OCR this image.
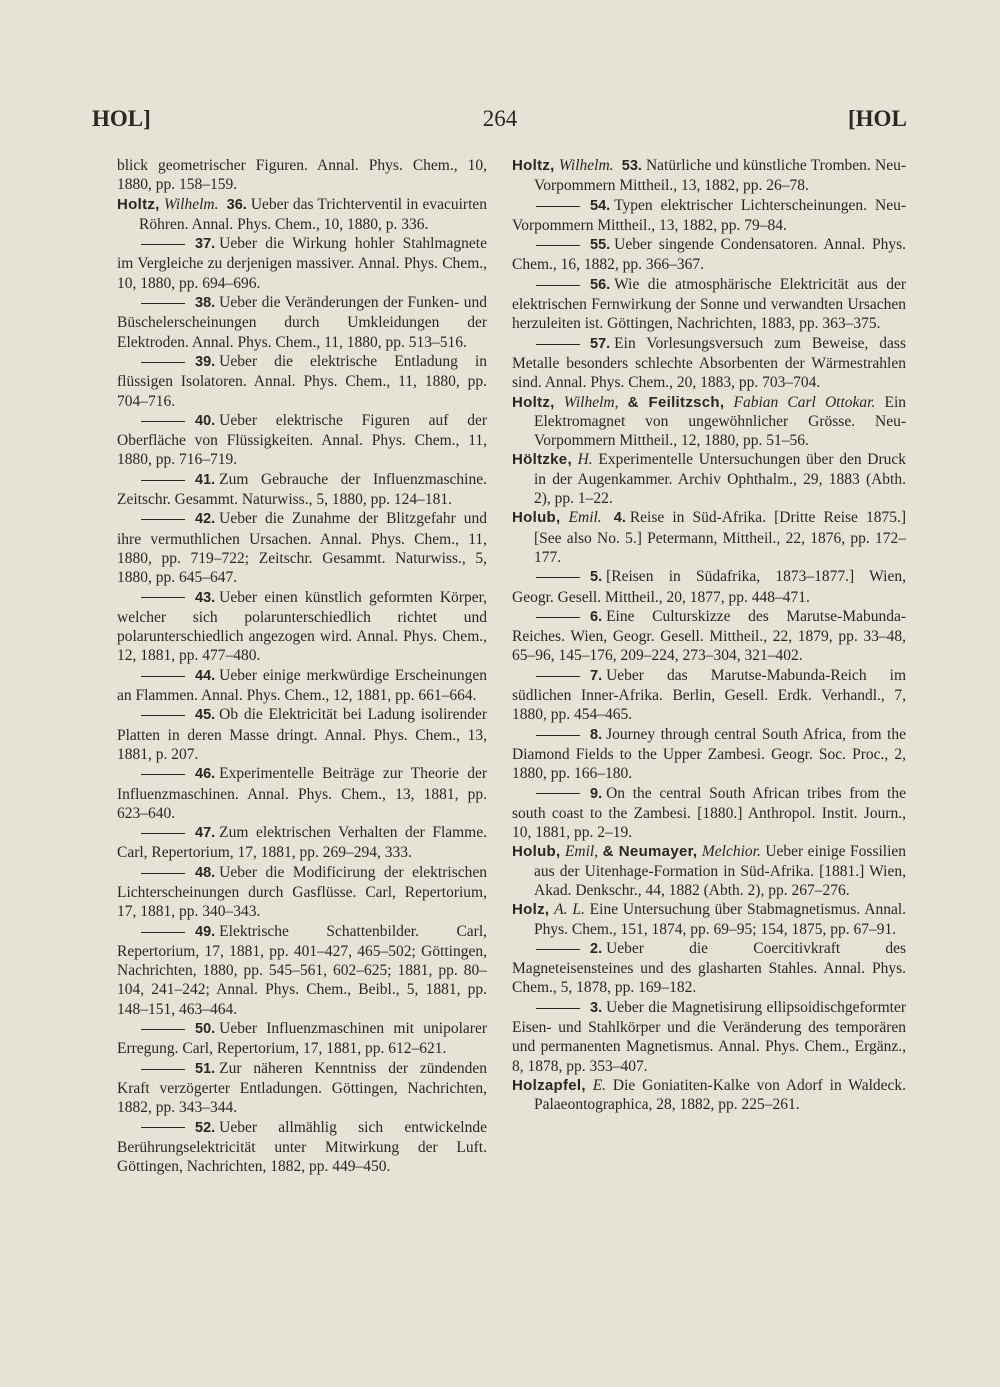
HOL]	264	[HOL

blick geometrischer Figuren. Annal. Phys. Chem., 10, 1880, pp. 158–159.

Holtz, Wilhelm. 36. Ueber das Trichterventil in evacuirten Röhren. Annal. Phys. Chem., 10, 1880, p. 336.

37. Ueber die Wirkung hohler Stahlmagnete im Vergleiche zu derjenigen massiver. Annal. Phys. Chem., 10, 1880, pp. 694–696.

38. Ueber die Veränderungen der Funken- und Büschelerscheinungen durch Umkleidungen der Elektroden. Annal. Phys. Chem., 11, 1880, pp. 513–516.

39. Ueber die elektrische Entladung in flüssigen Isolatoren. Annal. Phys. Chem., 11, 1880, pp. 704–716.

40. Ueber elektrische Figuren auf der Oberfläche von Flüssigkeiten. Annal. Phys. Chem., 11, 1880, pp. 716–719.

41. Zum Gebrauche der Influenzmaschine. Zeitschr. Gesammt. Naturwiss., 5, 1880, pp. 124–181.

42. Ueber die Zunahme der Blitzgefahr und ihre vermuthlichen Ursachen. Annal. Phys. Chem., 11, 1880, pp. 719–722; Zeitschr. Gesammt. Naturwiss., 5, 1880, pp. 645–647.

43. Ueber einen künstlich geformten Körper, welcher sich polarunterschiedlich richtet und polarunterschiedlich angezogen wird. Annal. Phys. Chem., 12, 1881, pp. 477–480.

44. Ueber einige merkwürdige Erscheinungen an Flammen. Annal. Phys. Chem., 12, 1881, pp. 661–664.

45. Ob die Elektricität bei Ladung isolirender Platten in deren Masse dringt. Annal. Phys. Chem., 13, 1881, p. 207.

46. Experimentelle Beiträge zur Theorie der Influenzmaschinen. Annal. Phys. Chem., 13, 1881, pp. 623–640.

47. Zum elektrischen Verhalten der Flamme. Carl, Repertorium, 17, 1881, pp. 269–294, 333.

48. Ueber die Modificirung der elektrischen Lichterscheinungen durch Gasflüsse. Carl, Repertorium, 17, 1881, pp. 340–343.

49. Elektrische Schattenbilder. Carl, Repertorium, 17, 1881, pp. 401–427, 465–502; Göttingen, Nachrichten, 1880, pp. 545–561, 602–625; 1881, pp. 80–104, 241–242; Annal. Phys. Chem., Beibl., 5, 1881, pp. 148–151, 463–464.

50. Ueber Influenzmaschinen mit unipolarer Erregung. Carl, Repertorium, 17, 1881, pp. 612–621.

51. Zur näheren Kenntniss der zündenden Kraft verzögerter Entladungen. Göttingen, Nachrichten, 1882, pp. 343–344.

52. Ueber allmählig sich entwickelnde Berührungselektricität unter Mitwirkung der Luft. Göttingen, Nachrichten, 1882, pp. 449–450.

Holtz, Wilhelm. 53. Natürliche und künstliche Tromben. Neu-Vorpommern Mittheil., 13, 1882, pp. 26–78.

54. Typen elektrischer Lichterscheinungen. Neu-Vorpommern Mittheil., 13, 1882, pp. 79–84.

55. Ueber singende Condensatoren. Annal. Phys. Chem., 16, 1882, pp. 366–367.

56. Wie die atmosphärische Elektricität aus der elektrischen Fernwirkung der Sonne und verwandten Ursachen herzuleiten ist. Göttingen, Nachrichten, 1883, pp. 363–375.

57. Ein Vorlesungsversuch zum Beweise, dass Metalle besonders schlechte Absorbenten der Wärmestrahlen sind. Annal. Phys. Chem., 20, 1883, pp. 703–704.

Holtz, Wilhelm, & Feilitzsch, Fabian Carl Ottokar. Ein Elektromagnet von ungewöhnlicher Grösse. Neu-Vorpommern Mittheil., 12, 1880, pp. 51–56.

Höltzke, H. Experimentelle Untersuchungen über den Druck in der Augenkammer. Archiv Ophthalm., 29, 1883 (Abth. 2), pp. 1–22.

Holub, Emil. 4. Reise in Süd-Afrika. [Dritte Reise 1875.] [See also No. 5.] Petermann, Mittheil., 22, 1876, pp. 172–177.

5. [Reisen in Südafrika, 1873–1877.] Wien, Geogr. Gesell. Mittheil., 20, 1877, pp. 448–471.

6. Eine Culturskizze des Marutse-Mabunda-Reiches. Wien, Geogr. Gesell. Mittheil., 22, 1879, pp. 33–48, 65–96, 145–176, 209–224, 273–304, 321–402.

7. Ueber das Marutse-Mabunda-Reich im südlichen Inner-Afrika. Berlin, Gesell. Erdk. Verhandl., 7, 1880, pp. 454–465.

8. Journey through central South Africa, from the Diamond Fields to the Upper Zambesi. Geogr. Soc. Proc., 2, 1880, pp. 166–180.

9. On the central South African tribes from the south coast to the Zambesi. [1880.] Anthropol. Instit. Journ., 10, 1881, pp. 2–19.

Holub, Emil, & Neumayer, Melchior. Ueber einige Fossilien aus der Uitenhage-Formation in Süd-Afrika. [1881.] Wien, Akad. Denkschr., 44, 1882 (Abth. 2), pp. 267–276.

Holz, A. L. Eine Untersuchung über Stabmagnetismus. Annal. Phys. Chem., 151, 1874, pp. 69–95; 154, 1875, pp. 67–91.

2. Ueber die Coercitivkraft des Magneteisensteines und des glasharten Stahles. Annal. Phys. Chem., 5, 1878, pp. 169–182.

3. Ueber die Magnetisirung ellipsoidischgeformter Eisen- und Stahlkörper und die Veränderung des temporären und permanenten Magnetismus. Annal. Phys. Chem., Ergänz., 8, 1878, pp. 353–407.

Holzapfel, E. Die Goniatiten-Kalke von Adorf in Waldeck. Palaeontographica, 28, 1882, pp. 225–261.
